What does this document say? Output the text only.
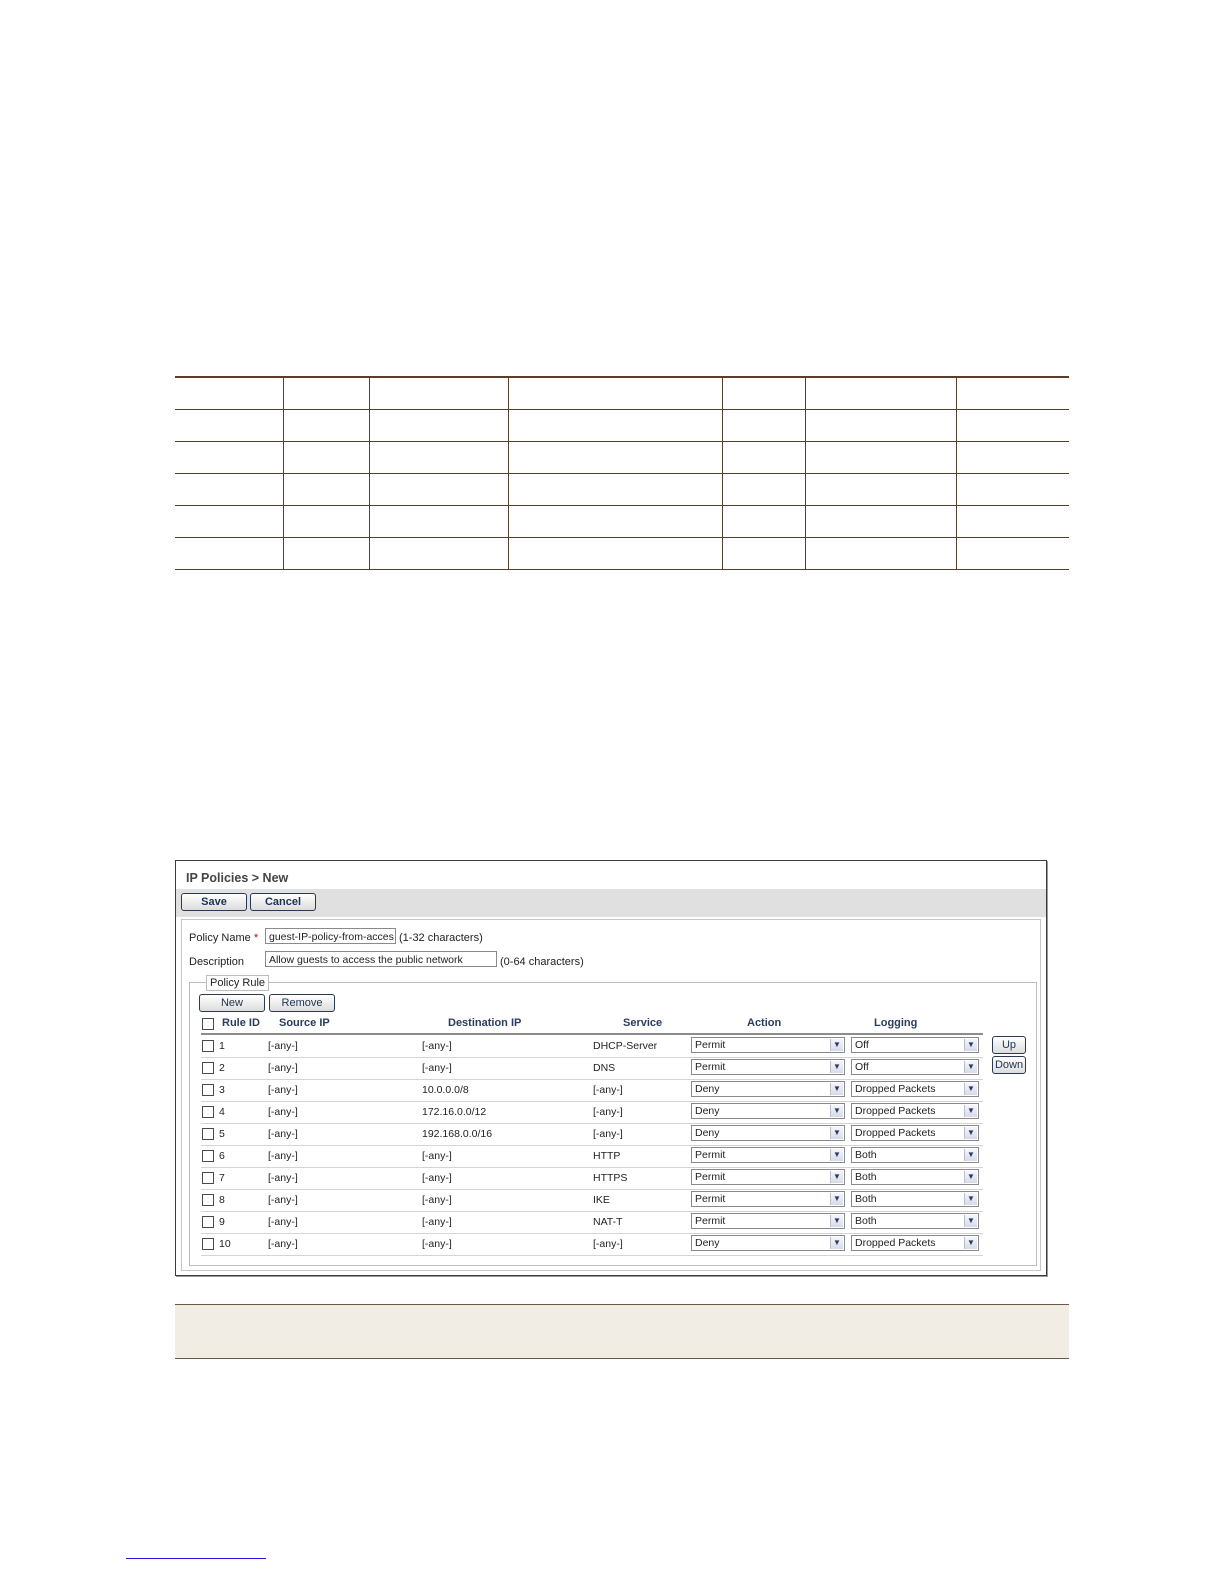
IP Policies > New
Save	Cancel
Policy Name *	guest-IP-policy-from-acces (1-32 characters)
Description	Allow guests to access the public network	(0-64 characters)
Policy Rule
New	Remove
Rule ID Source IP	Destination IP	Service	Action	Logging
1	[-any-]	[-any-]	DHCP-Server	Permit	▼	Off	▼
2	[-any-]	[-any-]	DNS	Permit	▼	Off	▼
3	[-any-]	10.0.0.0/8	[-any-]	Deny	▼	Dropped Packets	▼
4	[-any-]	172.16.0.0/12	[-any-]	Deny	▼	Dropped Packets	▼
5	[-any-]	192.168.0.0/16	[-any-]	Deny	▼	Dropped Packets	▼
6	[-any-]	[-any-]	HTTP	Permit	▼	Both	▼
7	[-any-]	[-any-]	HTTPS	Permit	▼	Both	▼
8	[-any-]	[-any-]	IKE	Permit	▼	Both	▼
9	[-any-]	[-any-]	NAT-T	Permit	▼	Both	▼
10	[-any-]	[-any-]	[-any-]	Deny	▼	Dropped Packets	▼
Up
Down
